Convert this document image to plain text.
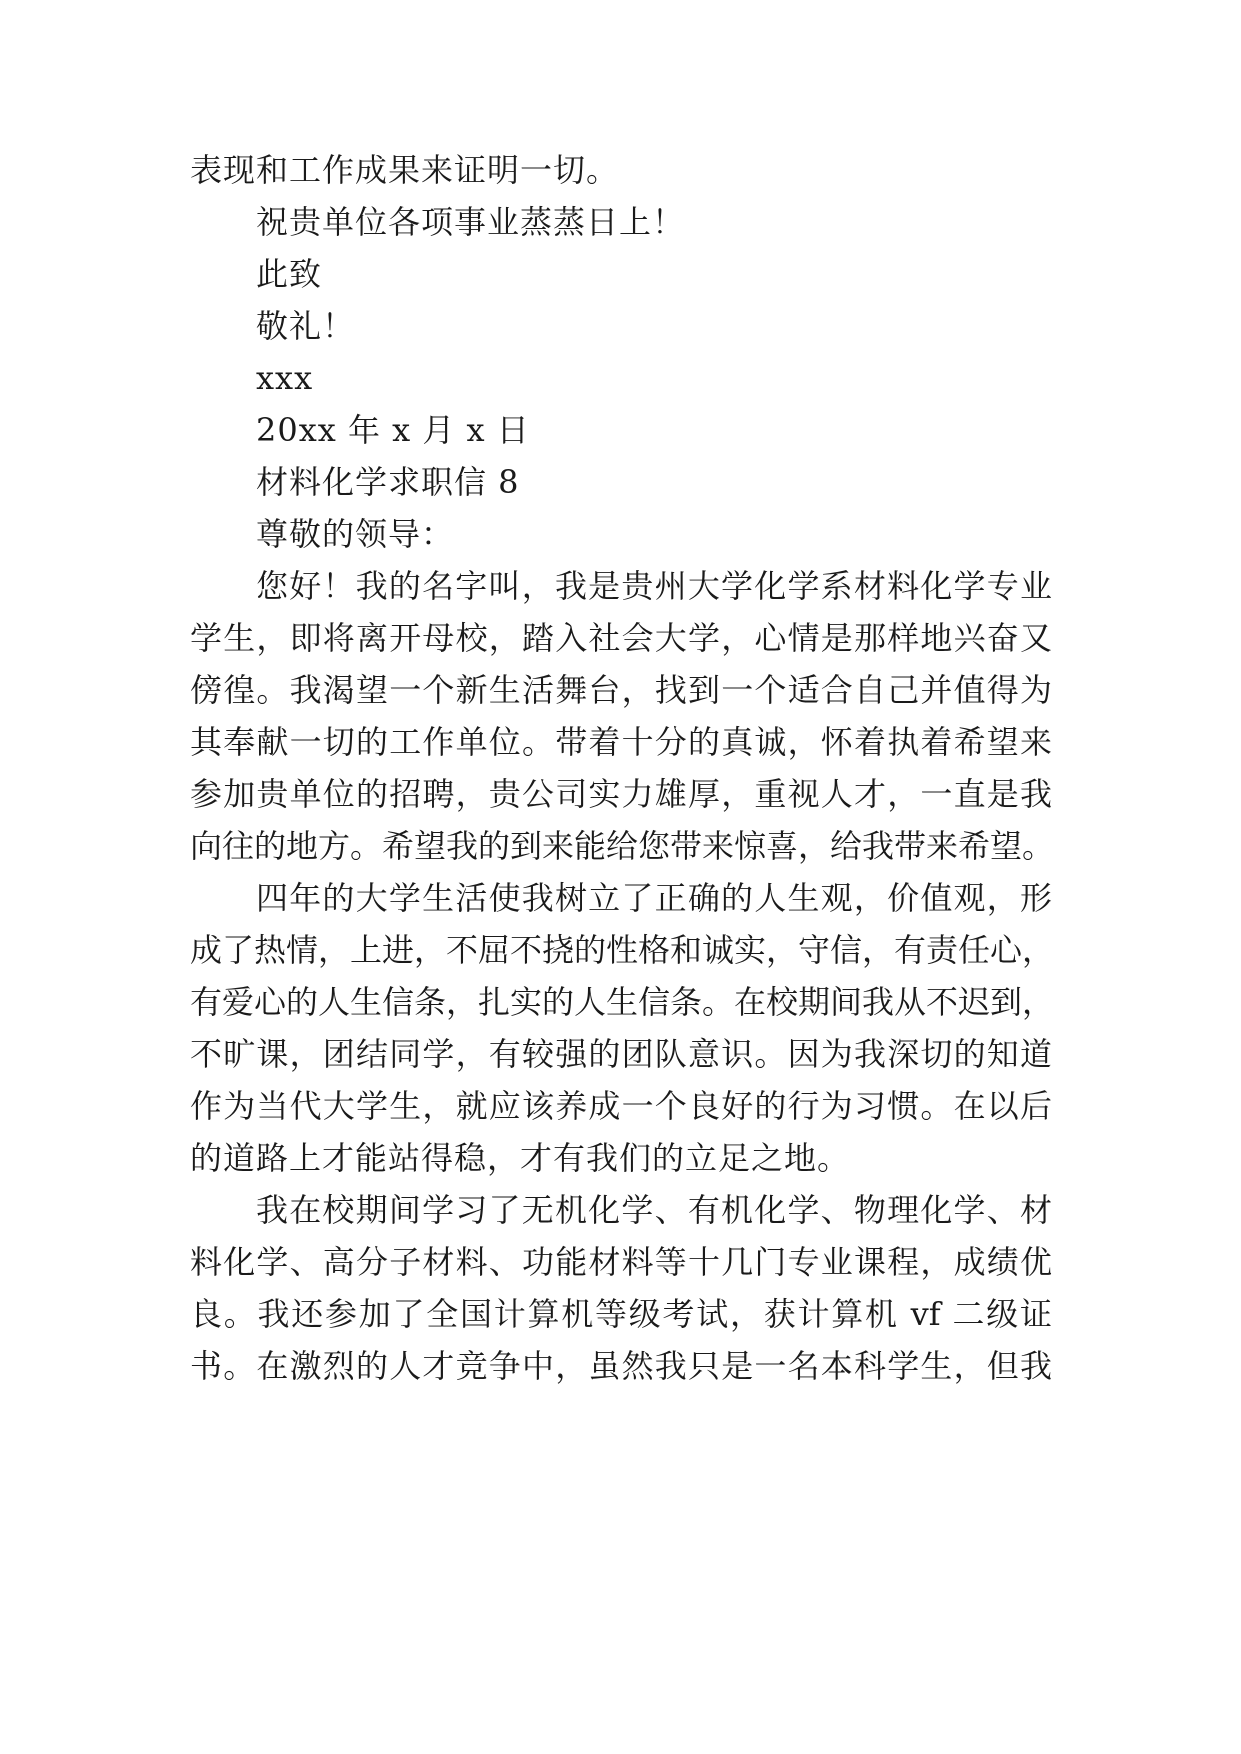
表现和工作成果来证明一切。
祝贵单位各项事业蒸蒸日上！
此致
敬礼！
xxx
20xx 年 x 月 x 日
材料化学求职信 8
尊敬的领导：
您好！我的名字叫，我是贵州大学化学系材料化学专业
学生，即将离开母校，踏入社会大学，心情是那样地兴奋又
傍徨。我渴望一个新生活舞台，找到一个适合自己并值得为
其奉献一切的工作单位。带着十分的真诚，怀着执着希望来
参加贵单位的招聘，贵公司实力雄厚，重视人才，一直是我
向往的地方。希望我的到来能给您带来惊喜，给我带来希望。
四年的大学生活使我树立了正确的人生观，价值观，形
成了热情，上进，不屈不挠的性格和诚实，守信，有责任心，
有爱心的人生信条，扎实的人生信条。在校期间我从不迟到，
不旷课，团结同学，有较强的团队意识。因为我深切的知道
作为当代大学生，就应该养成一个良好的行为习惯。在以后
的道路上才能站得稳，才有我们的立足之地。
我在校期间学习了无机化学、有机化学、物理化学、材
料化学、高分子材料、功能材料等十几门专业课程，成绩优
良。我还参加了全国计算机等级考试，获计算机 vf 二级证
书。在激烈的人才竞争中，虽然我只是一名本科学生，但我
